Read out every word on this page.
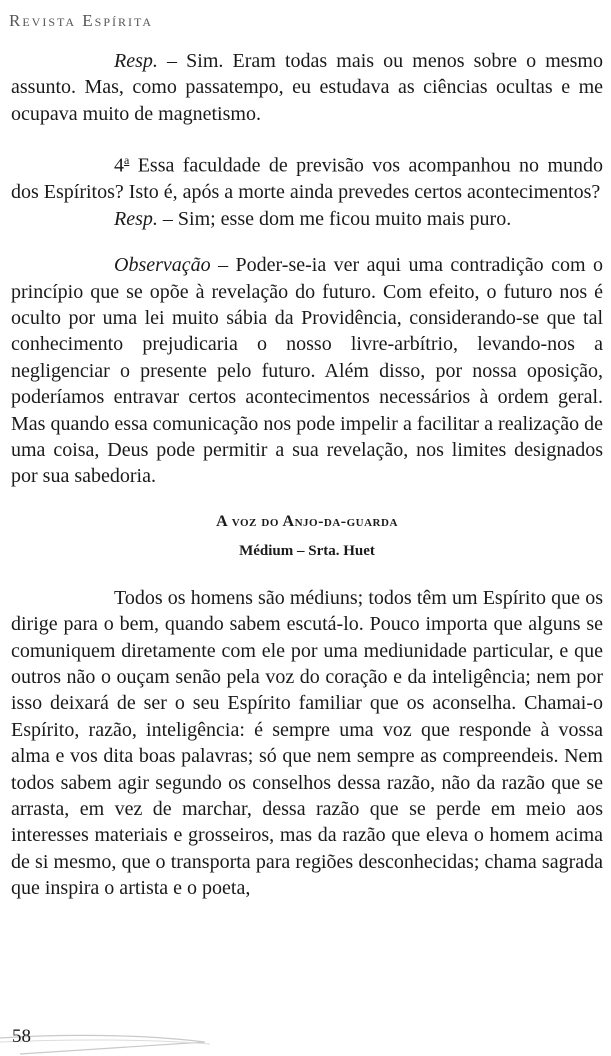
Revista Espírita

Resp. – Sim. Eram todas mais ou menos sobre o mesmo assunto. Mas, como passatempo, eu estudava as ciências ocultas e me ocupava muito de magnetismo.

4$^a$ Essa faculdade de previsão vos acompanhou no mundo dos Espíritos? Isto é, após a morte ainda prevedes certos acontecimentos?

Resp. – Sim; esse dom me ficou muito mais puro.

Observação – Poder-se-ia ver aqui uma contradição com o princípio que se opõe à revelação do futuro. Com efeito, o futuro nos é oculto por uma lei muito sábia da Providência, considerando-se que tal conhecimento prejudicaria o nosso livre-arbítrio, levando-nos a negligenciar o presente pelo futuro. Além disso, por nossa oposição, poderíamos entravar certos acontecimentos necessários à ordem geral. Mas quando essa comunicação nos pode impelir a facilitar a realização de uma coisa, Deus pode permitir a sua revelação, nos limites designados por sua sabedoria.

A voz do Anjo-da-guarda

Médium – Srta. Huet

Todos os homens são médiuns; todos têm um Espírito que os dirige para o bem, quando sabem escutá-lo. Pouco importa que alguns se comuniquem diretamente com ele por uma mediunidade particular, e que outros não o ouçam senão pela voz do coração e da inteligência; nem por isso deixará de ser o seu Espírito familiar que os aconselha. Chamai-o Espírito, razão, inteligência: é sempre uma voz que responde à vossa alma e vos dita boas palavras; só que nem sempre as compreendeis. Nem todos sabem agir segundo os conselhos dessa razão, não da razão que se arrasta, em vez de marchar, dessa razão que se perde em meio aos interesses materiais e grosseiros, mas da razão que eleva o homem acima de si mesmo, que o transporta para regiões desconhecidas; chama sagrada que inspira o artista e o poeta,

58
